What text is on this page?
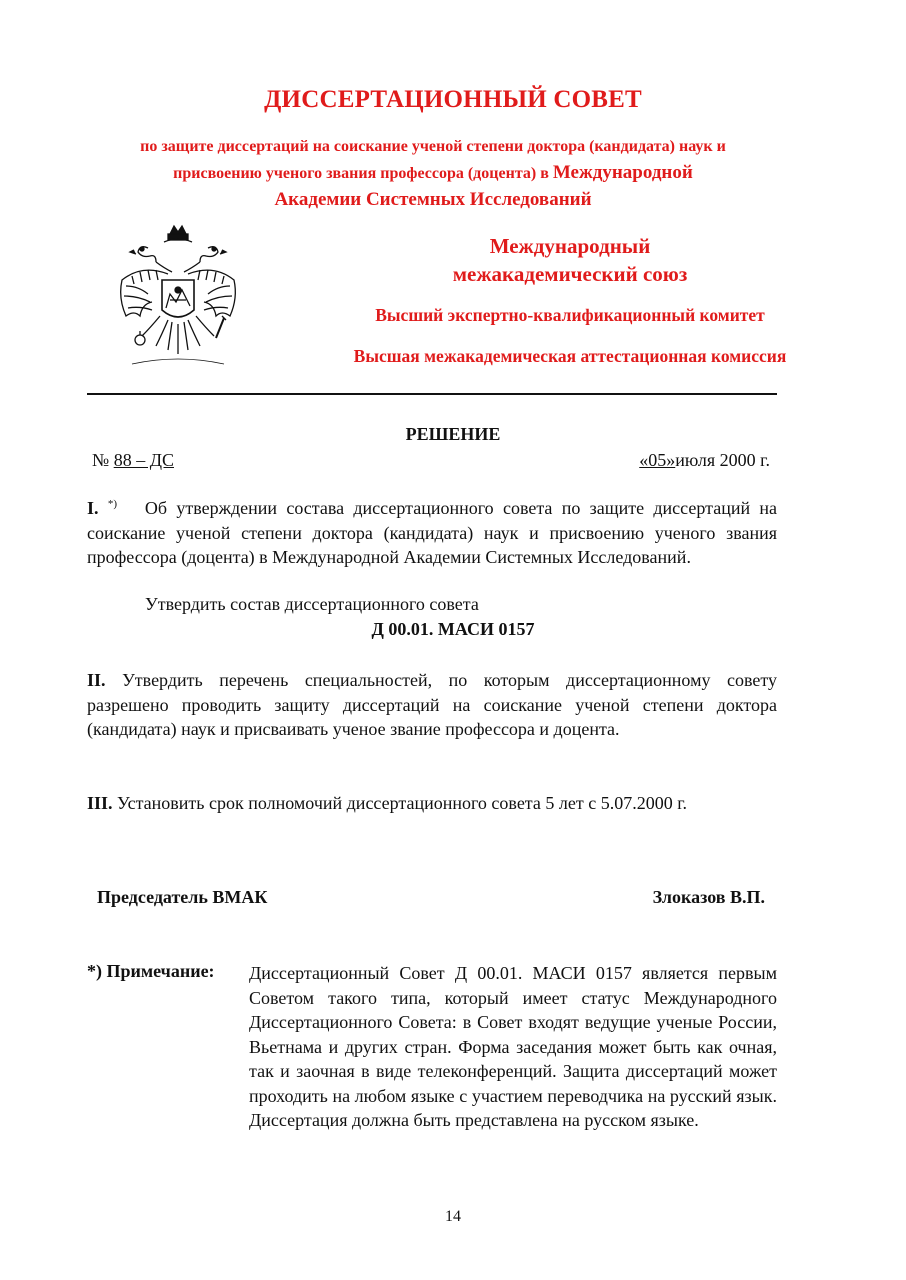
ДИССЕРТАЦИОННЫЙ СОВЕТ
по защите диссертаций на соискание ученой степени доктора (кандидата) наук и
присвоению ученого звания профессора (доцента) в Международной
Академии Системных Исследований
Международный
межакадемический союз
Высший экспертно-квалификационный комитет
Высшая межакадемическая аттестационная комиссия
РЕШЕНИЕ
№ 88 – ДС	«05»июля 2000 г.
I. *) Об утверждении состава диссертационного совета по защите диссертаций на соискание ученой степени доктора (кандидата) наук и присвоению ученого звания профессора (доцента) в Международной Академии Системных Исследований.
Утвердить состав диссертационного совета
Д 00.01. МАСИ 0157
II. Утвердить перечень специальностей, по которым диссертационному совету разрешено проводить защиту диссертаций на соискание ученой степени доктора (кандидата) наук и присваивать ученое звание профессора и доцента.
III. Установить срок полномочий диссертационного совета 5 лет с 5.07.2000 г.
Председатель ВМАК	Злоказов В.П.
*) Примечание: Диссертационный Совет Д 00.01. МАСИ 0157 является первым Советом такого типа, который имеет статус Международного Диссертационного Совета: в Совет входят ведущие ученые России, Вьетнама и других стран. Форма заседания может быть как очная, так и заочная в виде телеконференций. Защита диссертаций может проходить на любом языке с участием переводчика на русский язык. Диссертация должна быть представлена на русском языке.
14
